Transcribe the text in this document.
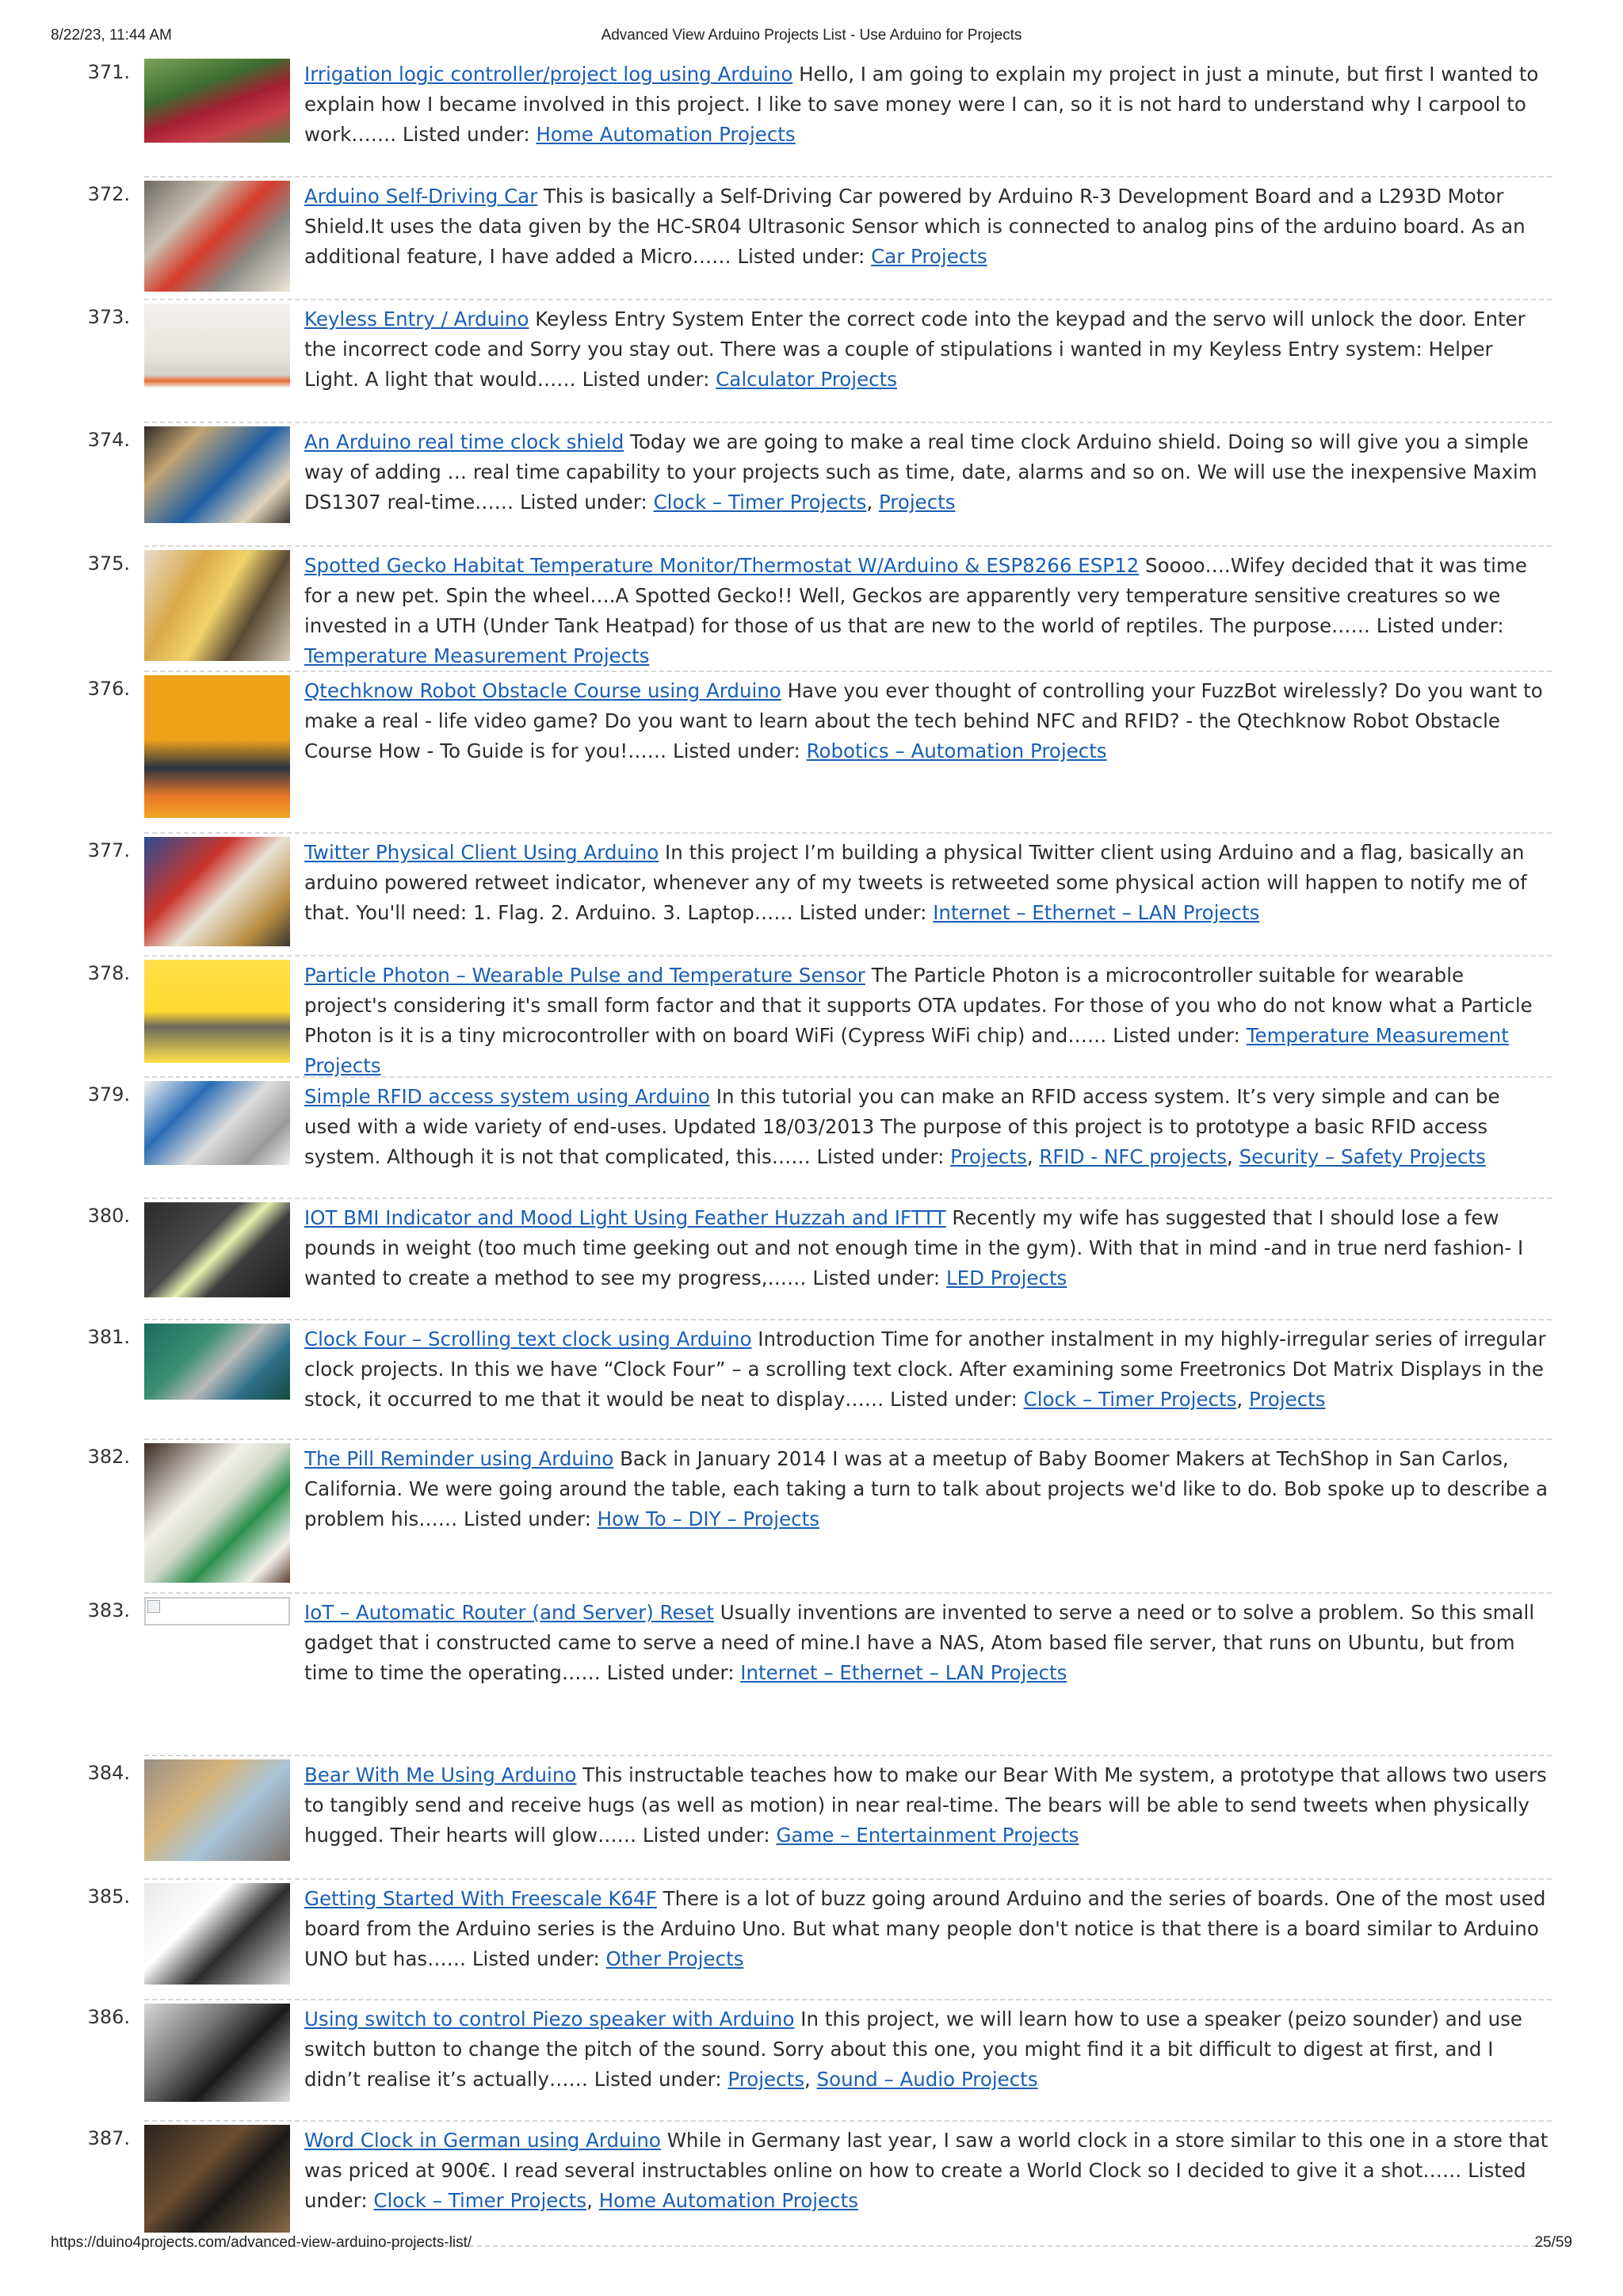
8/22/23, 11:44 AM	Advanced View Arduino Projects List - Use Arduino for Projects
371.	Irrigation logic controller/project log using Arduino Hello, I am going to explain my project in just a minute, but first I wanted to explain how I became involved in this project. I like to save money were I can, so it is not hard to understand why I carpool to work……. Listed under: Home Automation Projects
372.	Arduino Self-Driving Car This is basically a Self-Driving Car powered by Arduino R-3 Development Board and a L293D Motor Shield.It uses the data given by the HC-SR04 Ultrasonic Sensor which is connected to analog pins of the arduino board. As an additional feature, I have added a Micro…… Listed under: Car Projects
373.	Keyless Entry / Arduino Keyless Entry System Enter the correct code into the keypad and the servo will unlock the door. Enter the incorrect code and Sorry you stay out. There was a couple of stipulations i wanted in my Keyless Entry system: Helper Light. A light that would…… Listed under: Calculator Projects
374.	An Arduino real time clock shield Today we are going to make a real time clock Arduino shield. Doing so will give you a simple way of adding … real time capability to your projects such as time, date, alarms and so on. We will use the inexpensive Maxim DS1307 real-time…… Listed under: Clock – Timer Projects, Projects
375.	Spotted Gecko Habitat Temperature Monitor/Thermostat W/Arduino & ESP8266 ESP12 Soooo….Wifey decided that it was time for a new pet. Spin the wheel….A Spotted Gecko!! Well, Geckos are apparently very temperature sensitive creatures so we invested in a UTH (Under Tank Heatpad) for those of us that are new to the world of reptiles. The purpose…… Listed under: Temperature Measurement Projects
376.	Qtechknow Robot Obstacle Course using Arduino Have you ever thought of controlling your FuzzBot wirelessly? Do you want to make a real - life video game? Do you want to learn about the tech behind NFC and RFID? - the Qtechknow Robot Obstacle Course How - To Guide is for you!…… Listed under: Robotics – Automation Projects
377.	Twitter Physical Client Using Arduino In this project I’m building a physical Twitter client using Arduino and a flag, basically an arduino powered retweet indicator, whenever any of my tweets is retweeted some physical action will happen to notify me of that. You'll need: 1. Flag. 2. Arduino. 3. Laptop…… Listed under: Internet – Ethernet – LAN Projects
378.	Particle Photon – Wearable Pulse and Temperature Sensor The Particle Photon is a microcontroller suitable for wearable project's considering it's small form factor and that it supports OTA updates. For those of you who do not know what a Particle Photon is it is a tiny microcontroller with on board WiFi (Cypress WiFi chip) and…… Listed under: Temperature Measurement Projects
379.	Simple RFID access system using Arduino In this tutorial you can make an RFID access system. It’s very simple and can be used with a wide variety of end-uses. Updated 18/03/2013 The purpose of this project is to prototype a basic RFID access system. Although it is not that complicated, this…… Listed under: Projects, RFID - NFC projects, Security – Safety Projects
380.	IOT BMI Indicator and Mood Light Using Feather Huzzah and IFTTT Recently my wife has suggested that I should lose a few pounds in weight (too much time geeking out and not enough time in the gym). With that in mind -and in true nerd fashion- I wanted to create a method to see my progress,…… Listed under: LED Projects
381.	Clock Four – Scrolling text clock using Arduino Introduction Time for another instalment in my highly-irregular series of irregular clock projects. In this we have “Clock Four” – a scrolling text clock. After examining some Freetronics Dot Matrix Displays in the stock, it occurred to me that it would be neat to display…… Listed under: Clock – Timer Projects, Projects
382.	The Pill Reminder using Arduino Back in January 2014 I was at a meetup of Baby Boomer Makers at TechShop in San Carlos, California. We were going around the table, each taking a turn to talk about projects we'd like to do. Bob spoke up to describe a problem his…… Listed under: How To – DIY – Projects
383.	IoT – Automatic Router (and Server) Reset Usually inventions are invented to serve a need or to solve a problem. So this small gadget that i constructed came to serve a need of mine.I have a NAS, Atom based file server, that runs on Ubuntu, but from time to time the operating…… Listed under: Internet – Ethernet – LAN Projects
384.	Bear With Me Using Arduino This instructable teaches how to make our Bear With Me system, a prototype that allows two users to tangibly send and receive hugs (as well as motion) in near real-time. The bears will be able to send tweets when physically hugged. Their hearts will glow…… Listed under: Game – Entertainment Projects
385.	Getting Started With Freescale K64F There is a lot of buzz going around Arduino and the series of boards. One of the most used board from the Arduino series is the Arduino Uno. But what many people don't notice is that there is a board similar to Arduino UNO but has…… Listed under: Other Projects
386.	Using switch to control Piezo speaker with Arduino In this project, we will learn how to use a speaker (peizo sounder) and use switch button to change the pitch of the sound. Sorry about this one, you might find it a bit difficult to digest at first, and I didn’t realise it’s actually…… Listed under: Projects, Sound – Audio Projects
387.	Word Clock in German using Arduino While in Germany last year, I saw a world clock in a store similar to this one in a store that was priced at 900€. I read several instructables online on how to create a World Clock so I decided to give it a shot…… Listed under: Clock – Timer Projects, Home Automation Projects
https://duino4projects.com/advanced-view-arduino-projects-list/	25/59
